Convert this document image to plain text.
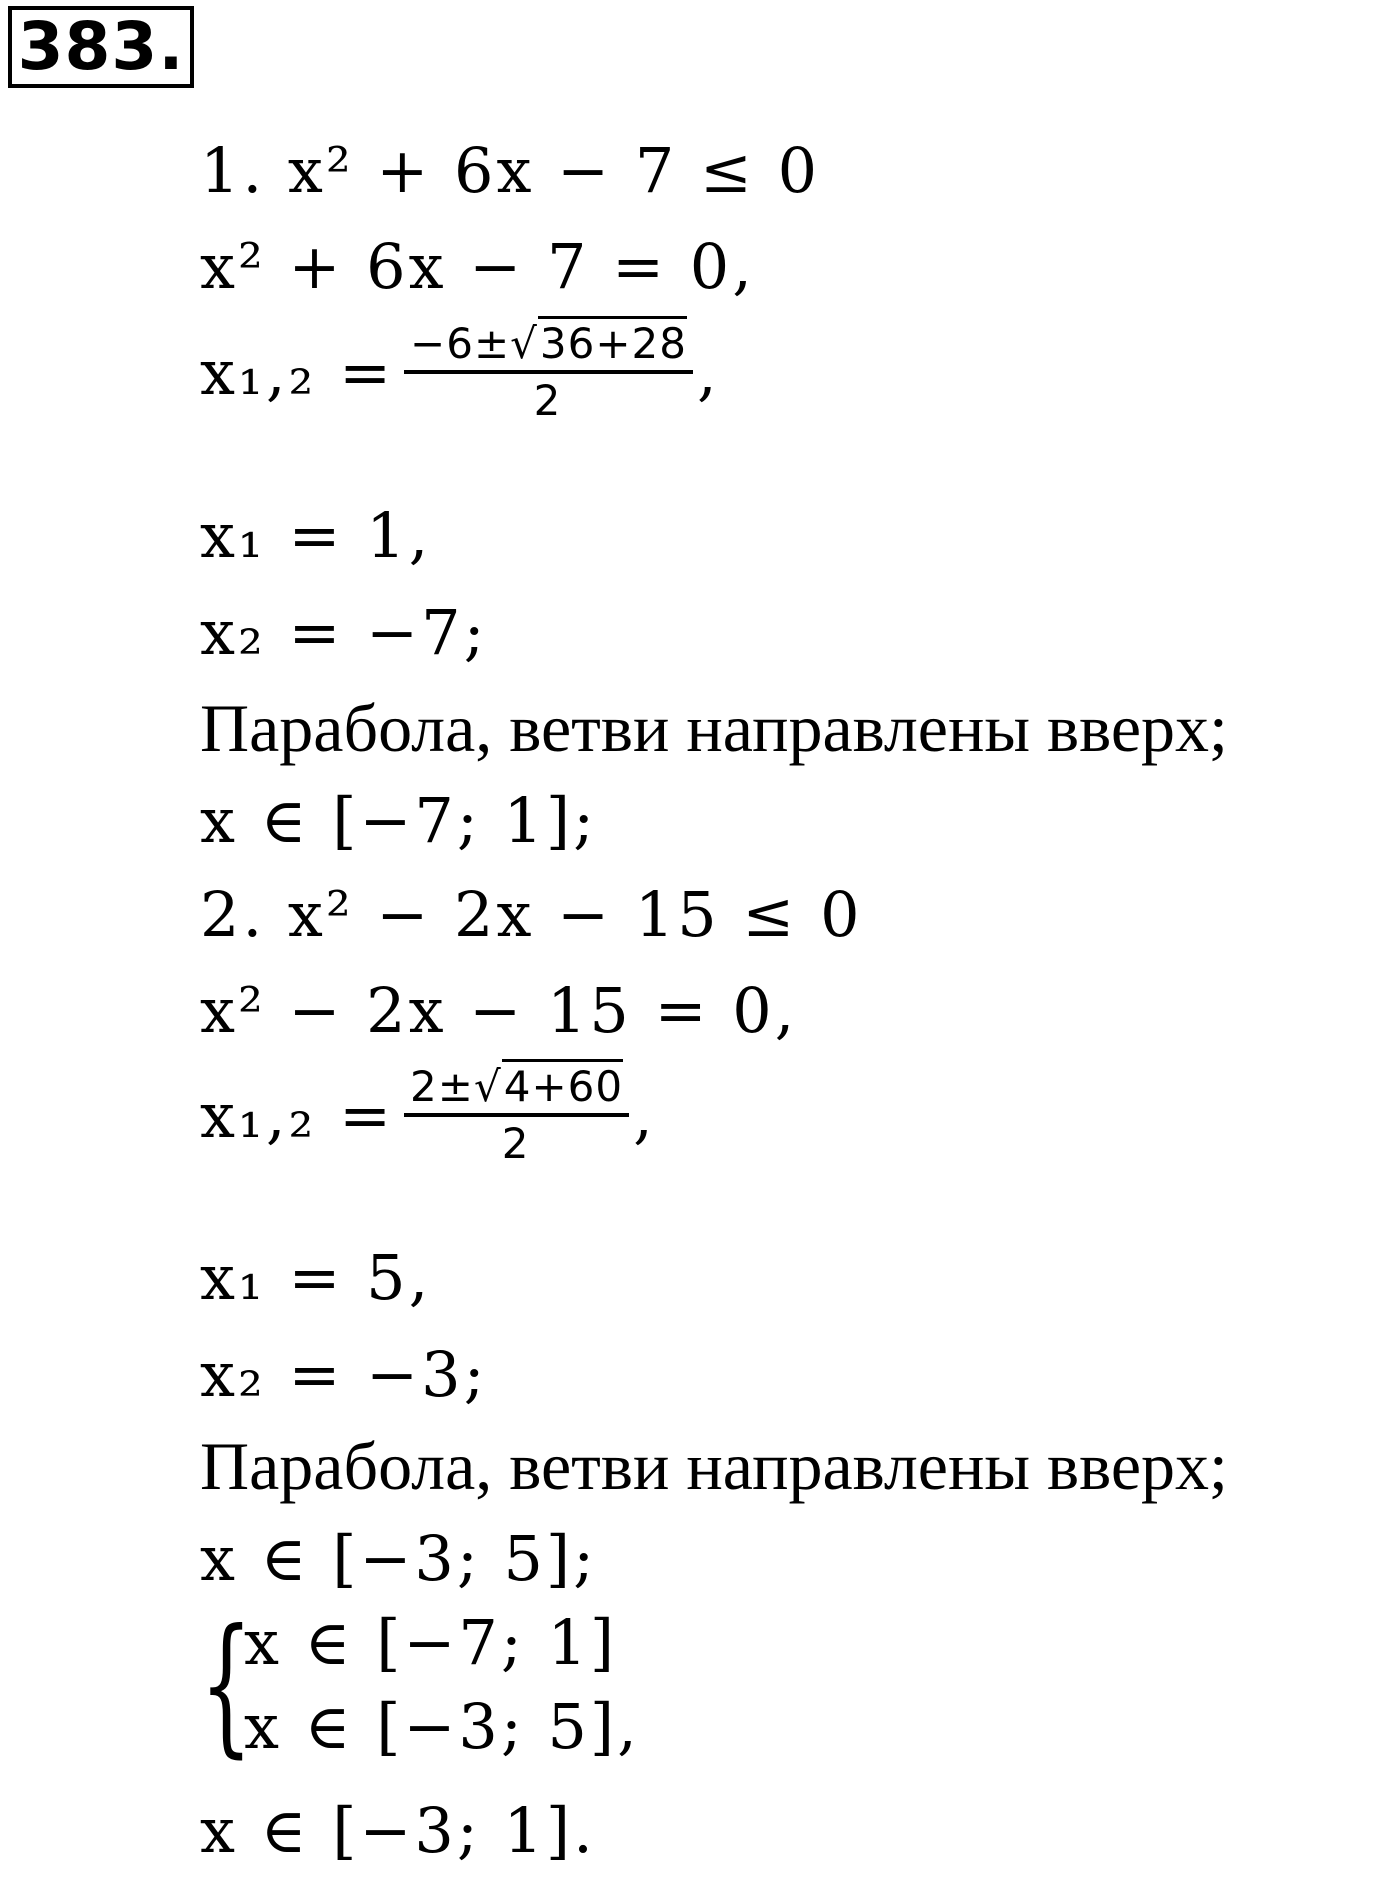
383.
1. x² + 6x − 7 ≤ 0
x² + 6x − 7 = 0,
$x_1,_2 = \frac{-6\pm√36+28}{2}$ ,
x₁ = 1,
x₂ = −7;
Парабола, ветви направлены вверх;
x ∈ [−7; 1];
2. x² − 2x − 15 ≤ 0
x² − 2x − 15 = 0,
$x_1,_2 = \frac{2\pm√4+60}{2}$ ,
x₁ = 5,
x₂ = −3;
Парабола, ветви направлены вверх;
x ∈ [−3; 5];
{
x ∈ [−7; 1]
x ∈ [−3; 5],
x ∈ [−3; 1].
